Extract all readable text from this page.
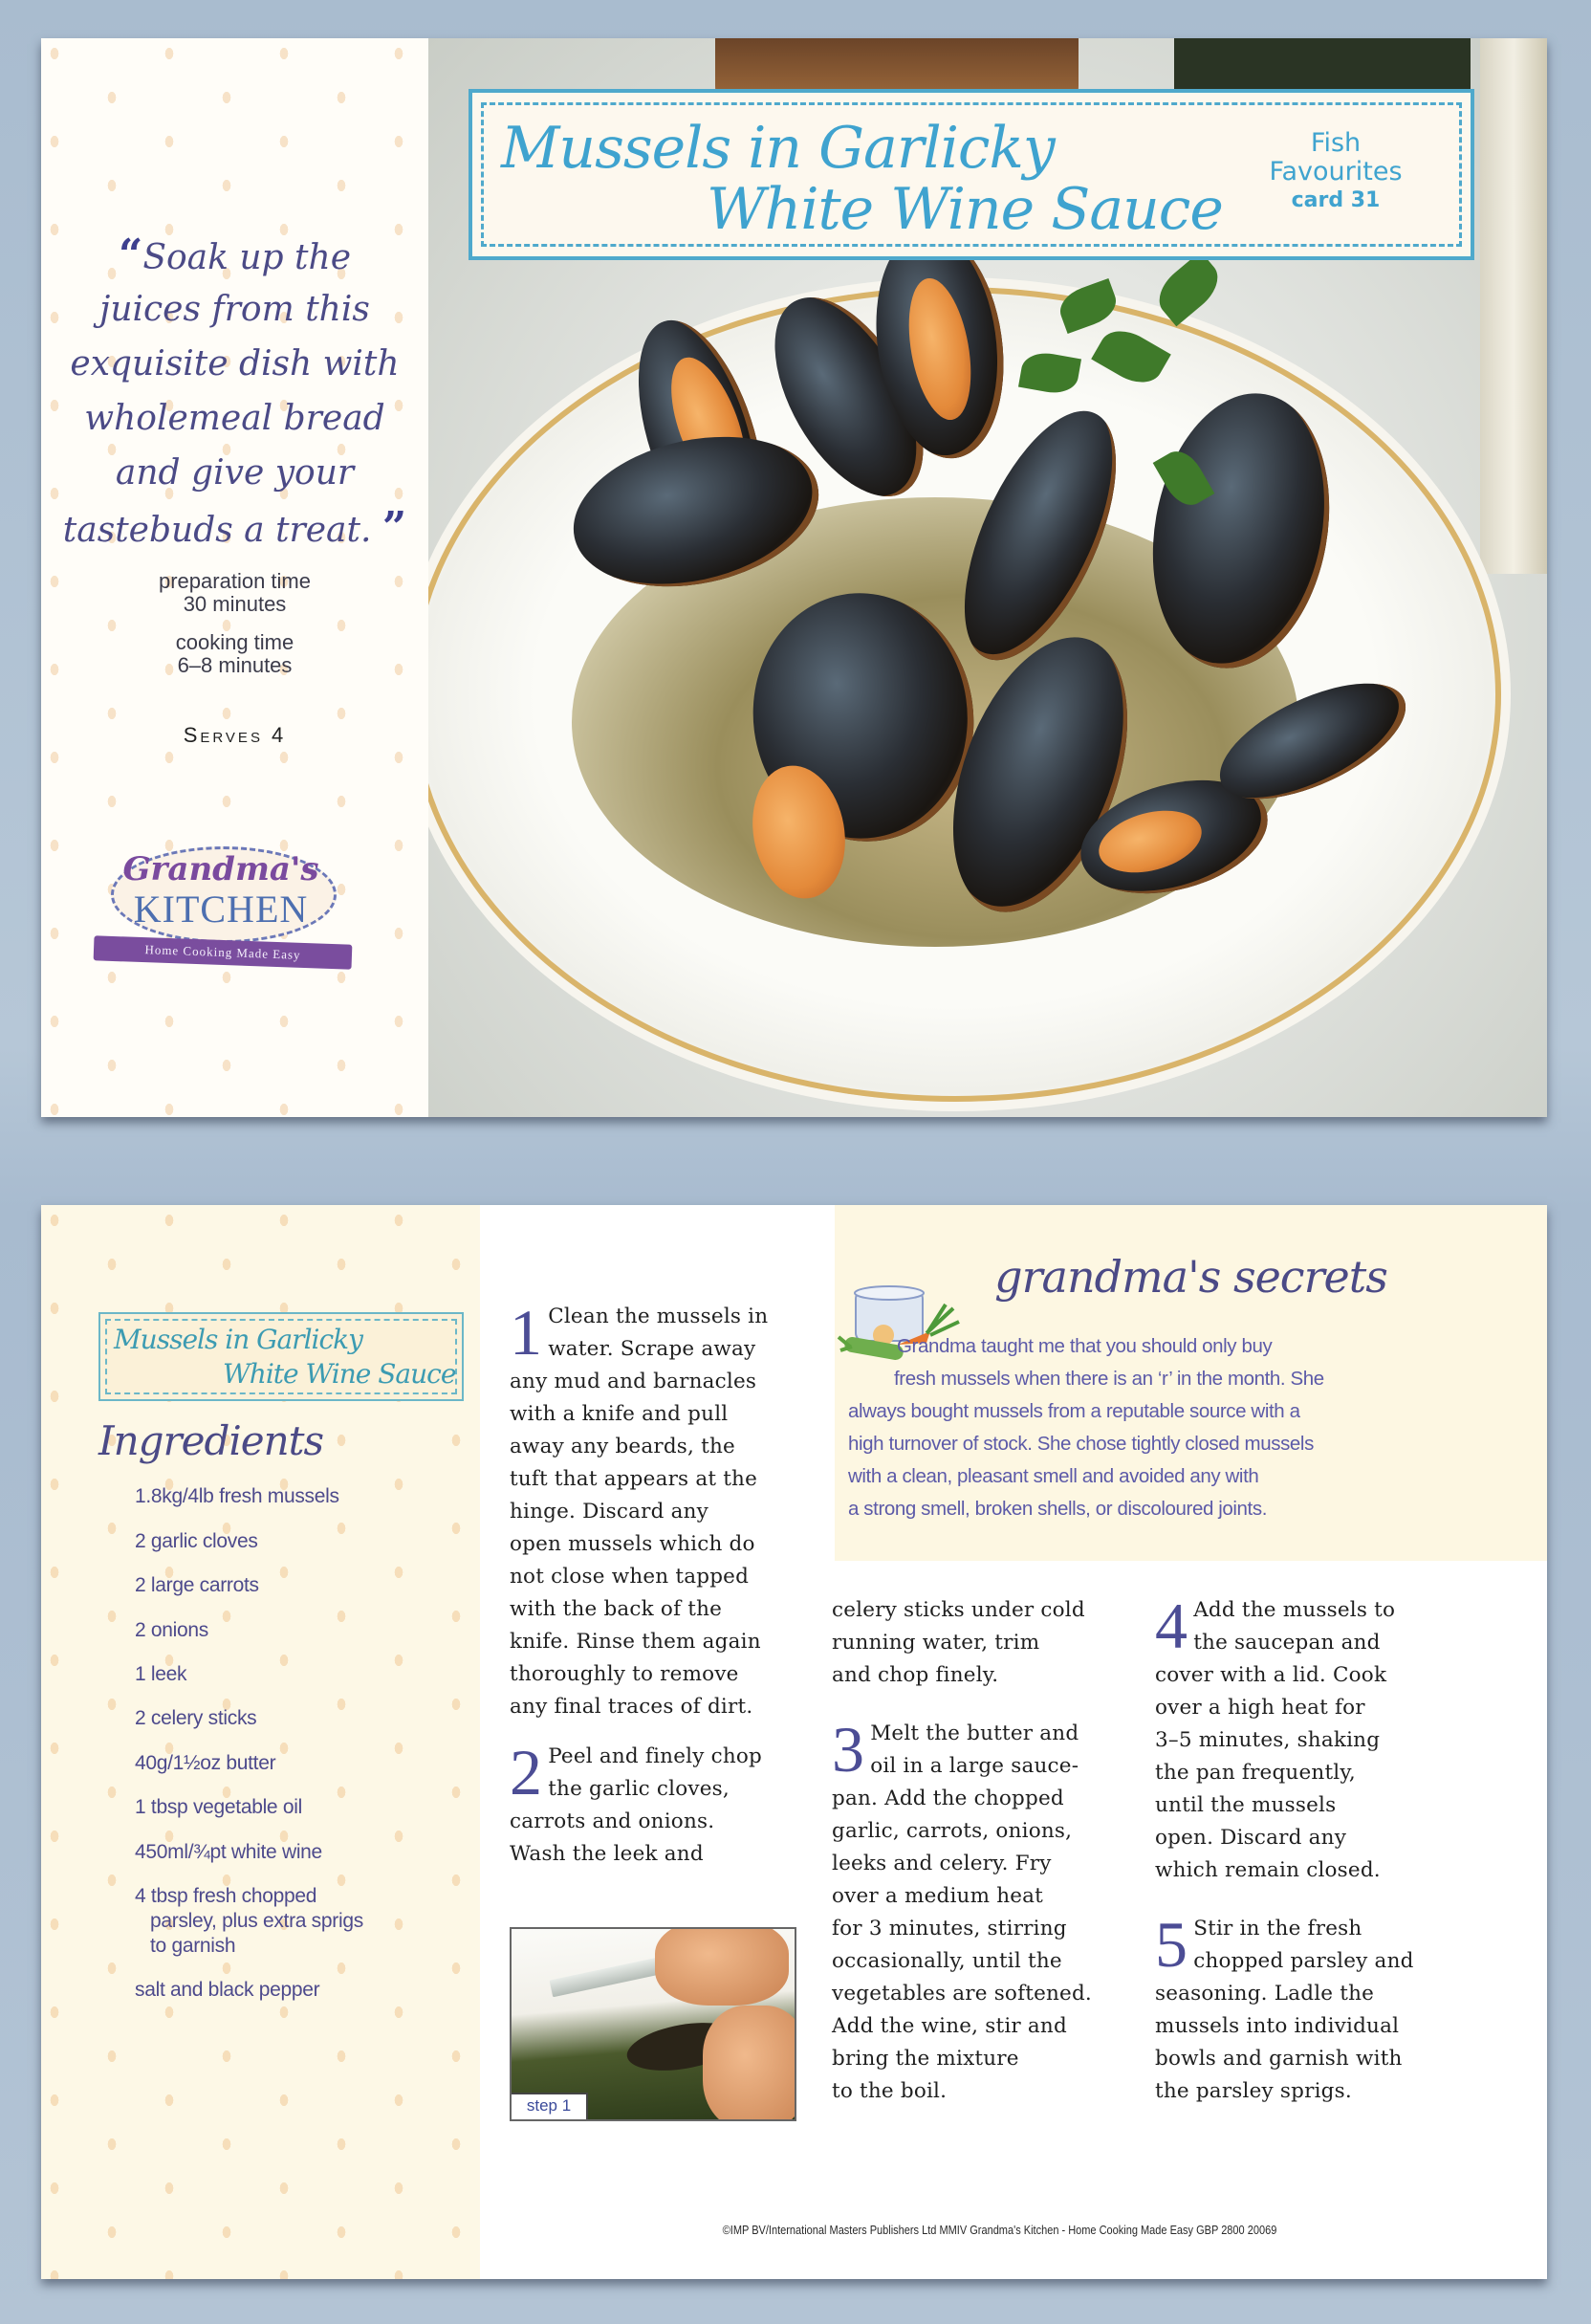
“Soak up the
juices from this
exquisite dish with
wholemeal bread
and give your
tastebuds a treat. ”
preparation time
30 minutes
cooking time
6–8 minutes
Serves 4
Grandma's
KITCHEN
Home Cooking Made Easy
Mussels in Garlicky
White Wine Sauce
Fish
Favourites
card 31
Mussels in Garlicky
White Wine Sauce
Ingredients
1.8kg/4lb fresh mussels
2 garlic cloves
2 large carrots
2 onions
1 leek
2 celery sticks
40g/1½oz butter
1 tbsp vegetable oil
450ml/¾pt white wine
4 tbsp fresh chopped
parsley, plus extra sprigs
to garnish
salt and black pepper
grandma's secrets
Grandma taught me that you should only buy
fresh mussels when there is an ‘r’ in the month. She
always bought mussels from a reputable source with a
high turnover of stock. She chose tightly closed mussels
with a clean, pleasant smell and avoided any with
a strong smell, broken shells, or discoloured joints.
1 Clean the mussels in

water. Scrape away

any mud and barnacles

with a knife and pull

away any beards, the

tuft that appears at the

hinge. Discard any

open mussels which do

not close when tapped

with the back of the

knife. Rinse them again

thoroughly to remove

any final traces of dirt.

2 Peel and finely chop

the garlic cloves,

carrots and onions.

Wash the leek and

step 1

celery sticks under cold

running water, trim

and chop finely.

3 Melt the butter and

oil in a large sauce-

pan. Add the chopped

garlic, carrots, onions,

leeks and celery. Fry

over a medium heat

for 3 minutes, stirring

occasionally, until the

vegetables are softened.

Add the wine, stir and

bring the mixture

to the boil.

4 Add the mussels to

the saucepan and

cover with a lid. Cook

over a high heat for

3–5 minutes, shaking

the pan frequently,

until the mussels

open. Discard any

which remain closed.

5 Stir in the fresh

chopped parsley and

seasoning. Ladle the

mussels into individual

bowls and garnish with

the parsley sprigs.

©IMP BV/International Masters Publishers Ltd MMIV Grandma's Kitchen - Home Cooking Made Easy GBP 2800 20069
